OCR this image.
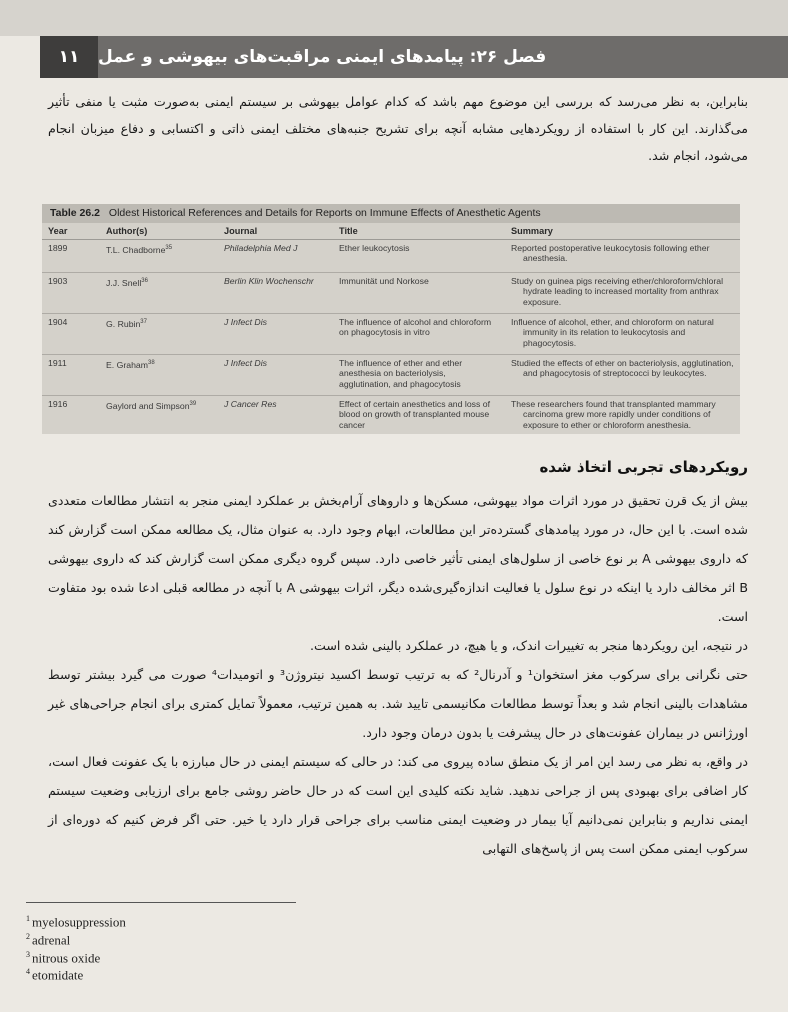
۱۱	فصل ۲۶: پیامدهای ایمنی مراقبت‌های بیهوشی و عمل

بنابراین، به نظر می‌رسد که بررسی این موضوع مهم باشد که کدام عوامل بیهوشی بر سیستم ایمنی به‌صورت مثبت یا منفی تأثیر می‌گذارند. این کار با استفاده از رویکردهایی مشابه آنچه برای تشریح جنبه‌های مختلف ایمنی ذاتی و اکتسابی و دفاع میزبان انجام می‌شود، انجام شد.

Table 26.2 Oldest Historical References and Details for Reports on Immune Effects of Anesthetic Agents
Year	Author(s)	Journal	Title	Summary
1899	T.L. Chadborne$^{35}$	Philadelphia Med J	Ether leukocytosis	Reported postoperative leukocytosis following ether anesthesia.
1903	J.J. Snell$^{36}$	Berlin Klin Wochenschr	Immunität und Norkose	Study on guinea pigs receiving ether/chloroform/chloral hydrate leading to increased mortality from anthrax exposure.
1904	G. Rubin$^{37}$	J Infect Dis	The influence of alcohol and chloroform on phagocytosis in vitro	Influence of alcohol, ether, and chloroform on natural immunity in its relation to leukocytosis and phagocytosis.
1911	E. Graham$^{38}$	J Infect Dis	The influence of ether and ether anesthesia on bacteriolysis, agglutination, and phagocytosis	Studied the effects of ether on bacteriolysis, agglutination, and phagocytosis of streptococci by leukocytes.
1916	Gaylord and Simpson$^{39}$	J Cancer Res	Effect of certain anesthetics and loss of blood on growth of transplanted mouse cancer	These researchers found that transplanted mammary carcinoma grew more rapidly under conditions of exposure to ether or chloroform anesthesia.
رویکردهای تجربی اتخاذ شده

بیش از یک قرن تحقیق در مورد اثرات مواد بیهوشی، مسکن‌ها و داروهای آرام‌بخش بر عملکرد ایمنی منجر به انتشار مطالعات متعددی شده است. با این حال، در مورد پیامدهای گسترده‌تر این مطالعات، ابهام وجود دارد. به عنوان مثال، یک مطالعه ممکن است گزارش کند که داروی بیهوشی A بر نوع خاصی از سلول‌های ایمنی تأثیر خاصی دارد. سپس گروه دیگری ممکن است گزارش کند که داروی بیهوشی B اثر مخالف دارد یا اینکه در نوع سلول یا فعالیت اندازه‌گیری‌شده دیگر، اثرات بیهوشی A با آنچه در مطالعه قبلی ادعا شده بود متفاوت است.

در نتیجه، این رویکردها منجر به تغییرات اندک، و یا هیچ، در عملکرد بالینی شده است.

حتی نگرانی برای سرکوب مغز استخوان¹ و آدرنال² که به ترتیب توسط اکسید نیتروژن³ و اتومیدات⁴ صورت می گیرد بیشتر توسط مشاهدات بالینی انجام شد و بعداً توسط مطالعات مکانیسمی تایید شد. به همین ترتیب، معمولاً تمایل کمتری برای انجام جراحی‌های غیر اورژانس در بیماران عفونت‌های در حال پیشرفت یا بدون درمان وجود دارد.

در واقع، به نظر می رسد این امر از یک منطق ساده پیروی می کند: در حالی که سیستم ایمنی در حال مبارزه با یک عفونت فعال است، کار اضافی برای بهبودی پس از جراحی ندهید. شاید نکته کلیدی این است که در حال حاضر روشی جامع برای ارزیابی وضعیت سیستم ایمنی نداریم و بنابراین نمی‌دانیم آیا بیمار در وضعیت ایمنی مناسب برای جراحی قرار دارد یا خیر. حتی اگر فرض کنیم که دوره‌ای از سرکوب ایمنی ممکن است پس از پاسخ‌های التهابی

$^1$ myelosuppression
$^2$ adrenal
$^3$ nitrous oxide
$^4$ etomidate
